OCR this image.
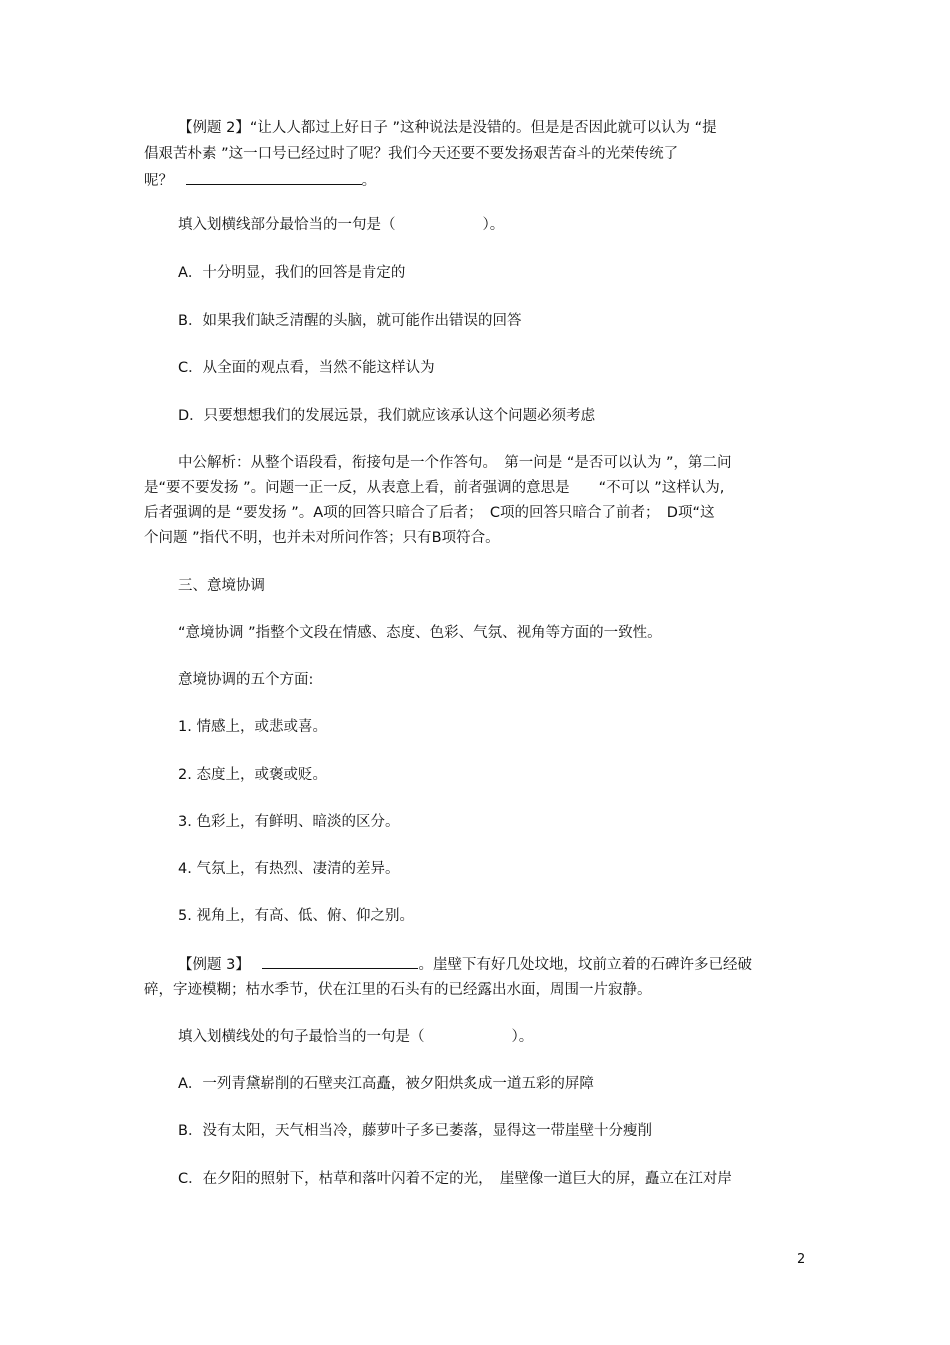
【例题 2】“让人人都过上好日子 ”这种说法是没错的。但是是否因此就可以认为 “提

倡艰苦朴素 ”这一口号已经过时了呢？我们今天还要不要发扬艰苦奋斗的光荣传统了

呢？	。

填入划横线部分最恰当的一句是（　　　　　　）。

A．十分明显，我们的回答是肯定的

B．如果我们缺乏清醒的头脑，就可能作出错误的回答

C．从全面的观点看，当然不能这样认为

D．只要想想我们的发展远景，我们就应该承认这个问题必须考虑

中公解析：从整个语段看，衔接句是一个作答句。　第一问是 “是否可以认为 ”，第二问

是“要不要发扬 ”。问题一正一反，从表意上看，前者强调的意思是　　“不可以 ”这样认为,

后者强调的是 “要发扬 ”。A项的回答只暗合了后者；　C项的回答只暗合了前者；　D项“这

个问题 ”指代不明，也并未对所问作答；只有B项符合。

三、意境协调

“意境协调 ”指整个文段在情感、态度、色彩、气氛、视角等方面的一致性。

意境协调的五个方面:

1. 情感上，或悲或喜。

2. 态度上，或褒或贬。

3. 色彩上，有鲜明、暗淡的区分。

4. 气氛上，有热烈、凄清的差异。

5. 视角上，有高、低、俯、仰之别。

【例题 3】	。崖壁下有好几处坟地，坟前立着的石碑许多已经破

碎，字迹模糊；枯水季节，伏在江里的石头有的已经露出水面，周围一片寂静。

填入划横线处的句子最恰当的一句是（　　　　　　）。

A．一列青黛崭削的石壁夹江高矗，被夕阳烘炙成一道五彩的屏障

B．没有太阳，天气相当冷，藤萝叶子多已萎落，显得这一带崖壁十分瘦削

C．在夕阳的照射下，枯草和落叶闪着不定的光，　崖壁像一道巨大的屏，矗立在江对岸

2
